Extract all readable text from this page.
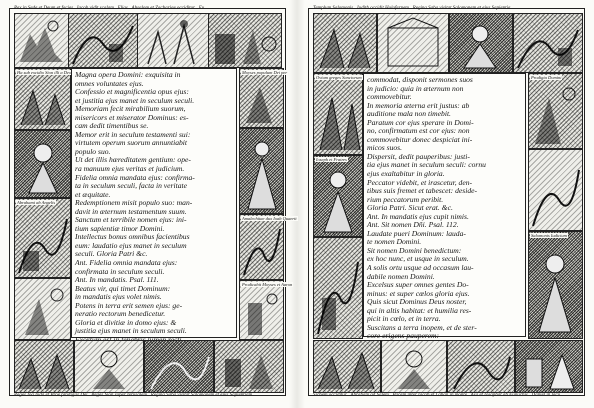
Rex in Sede et Deum et facies . Iacob vidit scalam . Elias . Absalom et Zachariae occiditur . Eu
Ha sub excidio Sion illi a Deo
Abrahami ab Angelis
Magna opera Domini: exquisita in
omnes voluntates ejus.
Confessio et magnificentia opus ejus:
et justitia ejus manet in seculum seculi.
Memoriam fecit mirabilium suorum,
misericors et miserator Dominus: es-
cam dedit timentibus se.
Memor erit in seculum testamenti sui:
virtutem operum suorum annuntiabit
populo suo.
Ut det illis hæreditatem gentium: ope-
ra manuum ejus veritas et judicium.
Fidelia omnia mandata ejus: confirma-
ta in seculum seculi, facta in veritate
et æquitate.
Redemptionem misit populo suo: man-
davit in æternum testamentum suum.
Sanctum et terribile nomen ejus: ini-
tium sapientiæ timor Domini.
Intellectus bonus omnibus facientibus
eum: laudatio ejus manet in seculum
seculi. Gloria Patri &c.
Ant. Fidelia omnia mandata ejus:
confirmata in seculum seculi.
Ant. In mandatis. Psal. 111.
Beatus vir, qui timet Dominum:
in mandatis ejus volet nimis.
Potens in terra erit semen ejus: ge-
neratio rectorum benedicetur.
Gloria et divitiæ in domo ejus: &
justitia ejus manet in seculum seculi.
Moyses populum Dei per
Amalechitae dux Ioab Quaerit
Prodicabit Moyses et Aaron
Reges Ioa Iuda et Proe prodigiis Dei . Reges Sion super Ierusalem . Regina Saba visitat Salomonem et eius Sapientiam .
Templum Salomonis . Iudith occidit Holofernem . Regina Saba visitat Salomonem et eius Sapientia .
Ovium greges Sanctorum
Ioseph et Fratres
commodat, disponit sermones suos
in judicio: quia in æternum non
commovebitur.
In memoria æterna erit justus: ab
auditione mala non timebit.
Paratum cor ejus sperare in Domi-
no, confirmatum est cor ejus: non
commovebitur donec despiciat ini-
micos suos.
Dispersit, dedit pauperibus: justi-
tia ejus manet in seculum seculi: cornu
ejus exaltabitur in gloria.
Peccator videbit, et irascetur, den-
tibus suis fremet et tabescet: deside-
rium peccatorum peribit.
Gloria Patri. Sicut erat. &c.
Ant. In mandatis ejus cupit nimis.
Ant. Sit nomen Dñi. Psal. 112.
Laudate pueri Dominum: lauda-
te nomen Domini.
Sit nomen Domini benedictum:
ex hoc nunc, et usque in seculum.
A solis ortu usque ad occasum lau-
dabile nomen Domini.
Excelsus super omnes gentes Do-
minus: et super cœlos gloria ejus.
Quis sicut Dominus Deus noster,
qui in altis habitat: et humilia res-
picit in cœlo, et in terra.
Suscitans a terra inopem, et de ster-
core erigens pauperem:
Prodigia Domini
Salomonis Iudicium
Sichem occiditur . Abraham ad Salem . Pacem inter Iacob et Laban in monte . Asa et Iosaphat ab Eunuchis . Daniel in lacu
